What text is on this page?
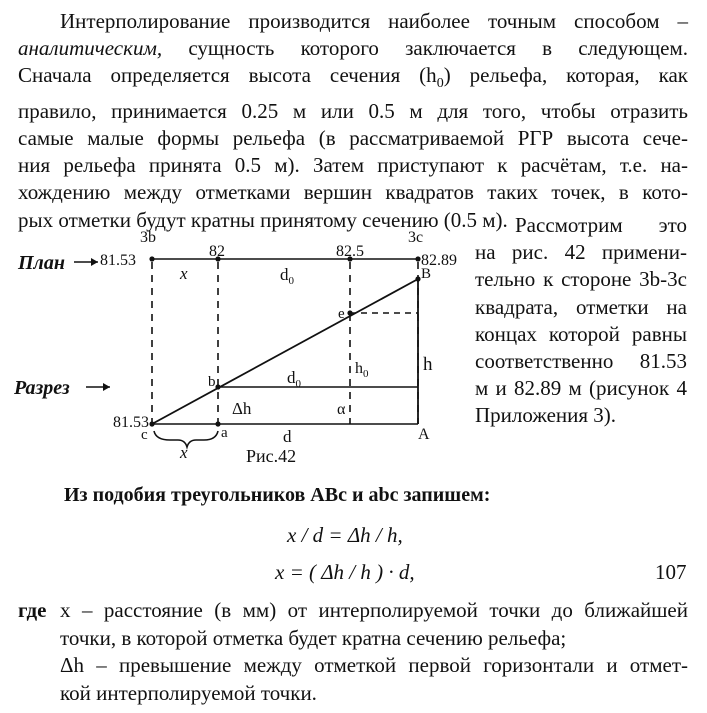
Интерполирование производится наиболее точным способом –
аналитическим, сущность которого заключается в следующем.
Сначала определяется высота сечения $(h_0)$ рельефа, которая, как
правило, принимается 0.25 м или 0.5 м для того, чтобы отразить
самые малые формы рельефа (в рассматриваемой РГР высота сече-
ния рельефа принята 0.5 м). Затем приступают к расчётам, т.е. на-
хождению между отметками вершин квадратов таких точек, в кото-
рых отметки будут кратны принятому сечению (0.5 м). Рассмотрим это
на рис. 42 примени-
тельно к стороне 3b-3c
квадрата, отметки на
концах которой равны
соответственно 81.53
м и 82.89 м (рисунок 4
Приложения 3).
План
Разрез
3b	3c
81.53
82	82.5
82.89
B
x	$d_0$
e
h
$h_0$
b	$d_0$
Δh	α
81.53
c	a	A
d
x	Рис.42
Из подобия треугольников АВс и abc запишем:
x / d = Δh / h,
x = ( Δh / h ) · d,	107
где x – расстояние (в мм) от интерполируемой точки до ближайшей
точки, в которой отметка будет кратна сечению рельефа;
Δh – превышение между отметкой первой горизонтали и отмет-
кой интерполируемой точки.
